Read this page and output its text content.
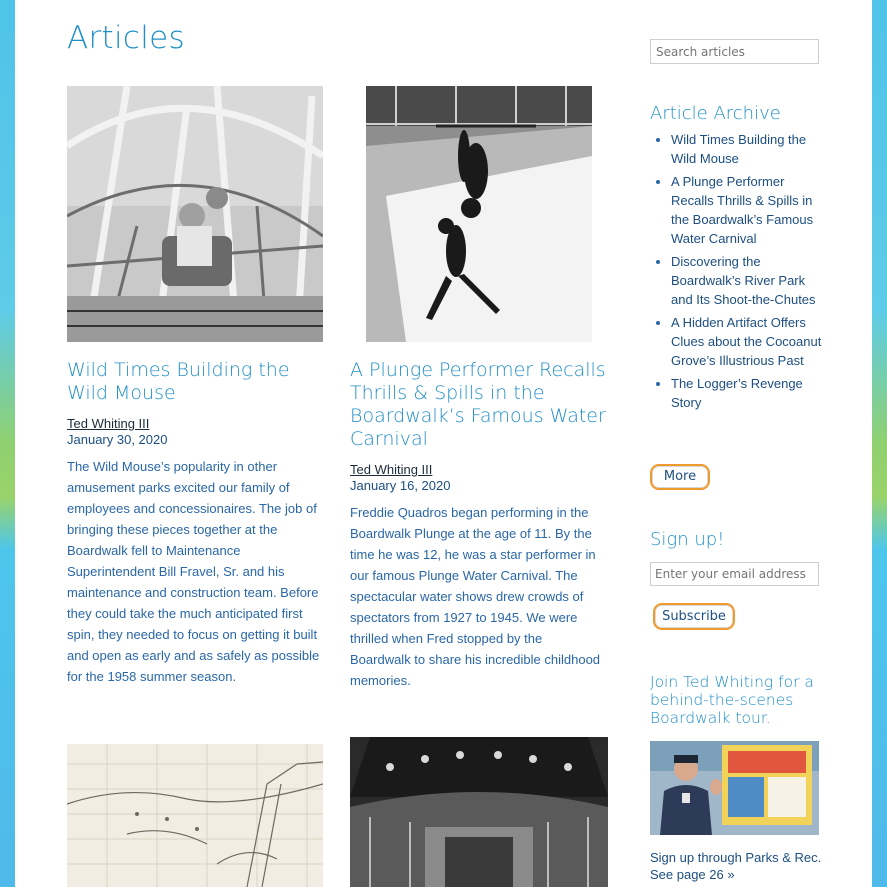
Articles
Wild Times Building the Wild Mouse
Ted Whiting III
January 30, 2020

The Wild Mouse’s popularity in other amusement parks excited our family of employees and concessionaires. The job of bringing these pieces together at the Boardwalk fell to Maintenance Superintendent Bill Fravel, Sr. and his maintenance and construction team. Before they could take the much anticipated first spin, they needed to focus on getting it built and open as early and as safely as possible for the 1958 summer season.

A Plunge Performer Recalls Thrills & Spills in the Boardwalk’s Famous Water Carnival
Ted Whiting III
January 16, 2020

Freddie Quadros began performing in the Boardwalk Plunge at the age of 11. By the time he was 12, he was a star performer in our famous Plunge Water Carnival. The spectacular water shows drew crowds of spectators from 1927 to 1945. We were thrilled when Fred stopped by the Boardwalk to share his incredible childhood memories.

Search articles
Article Archive
Wild Times Building the Wild Mouse
A Plunge Performer Recalls Thrills & Spills in the Boardwalk’s Famous Water Carnival
Discovering the Boardwalk’s River Park and Its Shoot-the-Chutes
A Hidden Artifact Offers Clues about the Cocoanut Grove’s Illustrious Past
The Logger’s Revenge Story
More
Sign up!
Enter your email address
Subscribe
Join Ted Whiting for a behind-the-scenes Boardwalk tour.
Sign up through Parks & Rec. See page 26 »
